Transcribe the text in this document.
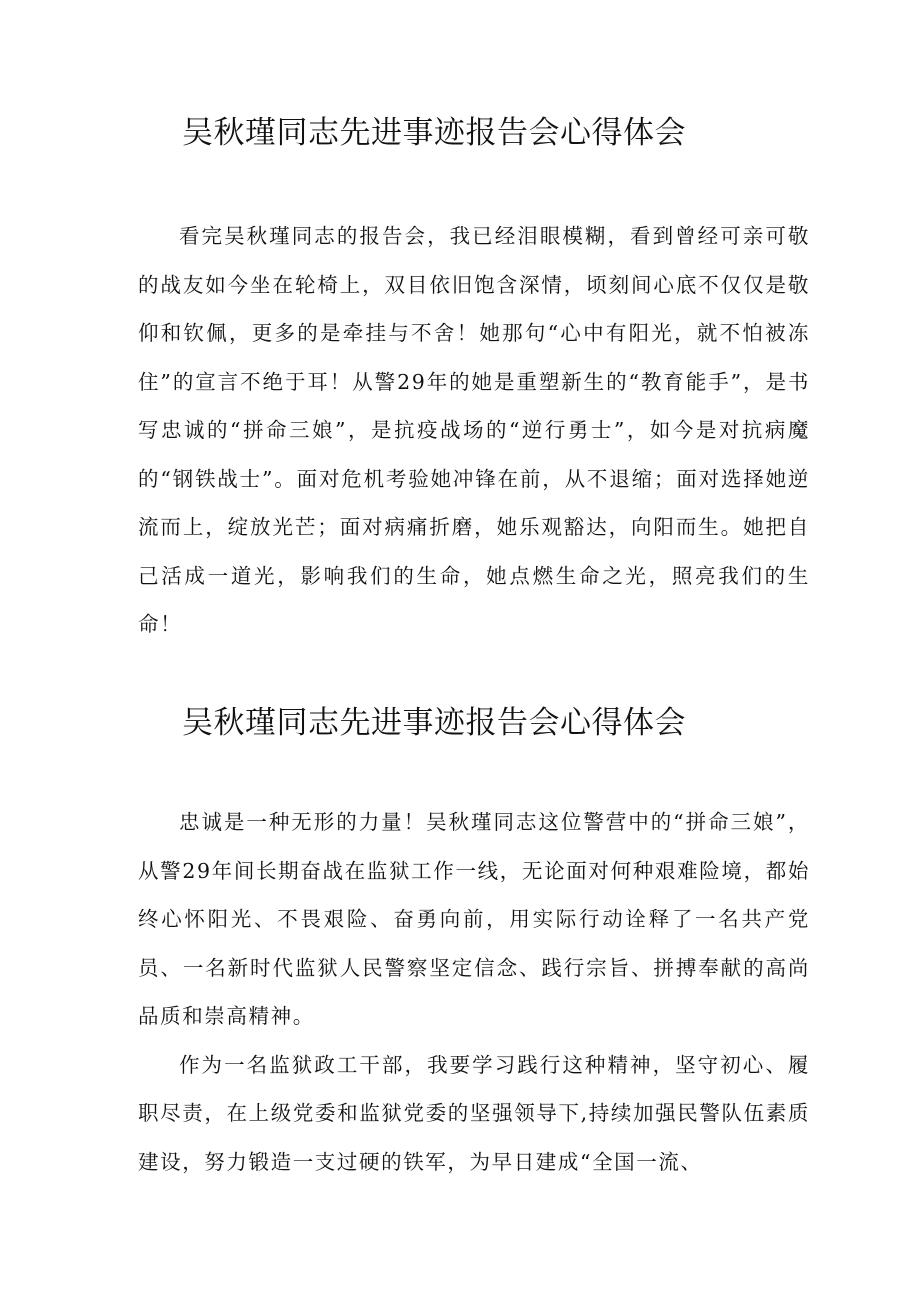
吴秋瑾同志先进事迹报告会心得体会

看完吴秋瑾同志的报告会，我已经泪眼模糊，看到曾经可亲可敬的战友如今坐在轮椅上，双目依旧饱含深情，顷刻间心底不仅仅是敬仰和钦佩，更多的是牵挂与不舍！她那句“心中有阳光，就不怕被冻住”的宣言不绝于耳！从警29年的她是重塑新生的“教育能手”，是书写忠诚的“拼命三娘”，是抗疫战场的“逆行勇士”，如今是对抗病魔的“钢铁战士”。面对危机考验她冲锋在前，从不退缩；面对选择她逆流而上，绽放光芒；面对病痛折磨，她乐观豁达，向阳而生。她把自己活成一道光，影响我们的生命，她点燃生命之光，照亮我们的生命！

吴秋瑾同志先进事迹报告会心得体会

忠诚是一种无形的力量！吴秋瑾同志这位警营中的“拼命三娘”，从警29年间长期奋战在监狱工作一线，无论面对何种艰难险境，都始终心怀阳光、不畏艰险、奋勇向前，用实际行动诠释了一名共产党员、一名新时代监狱人民警察坚定信念、践行宗旨、拼搏奉献的高尚品质和崇高精神。

作为一名监狱政工干部，我要学习践行这种精神，坚守初心、履职尽责，在上级党委和监狱党委的坚强领导下,持续加强民警队伍素质建设，努力锻造一支过硬的铁军，为早日建成“全国一流、
